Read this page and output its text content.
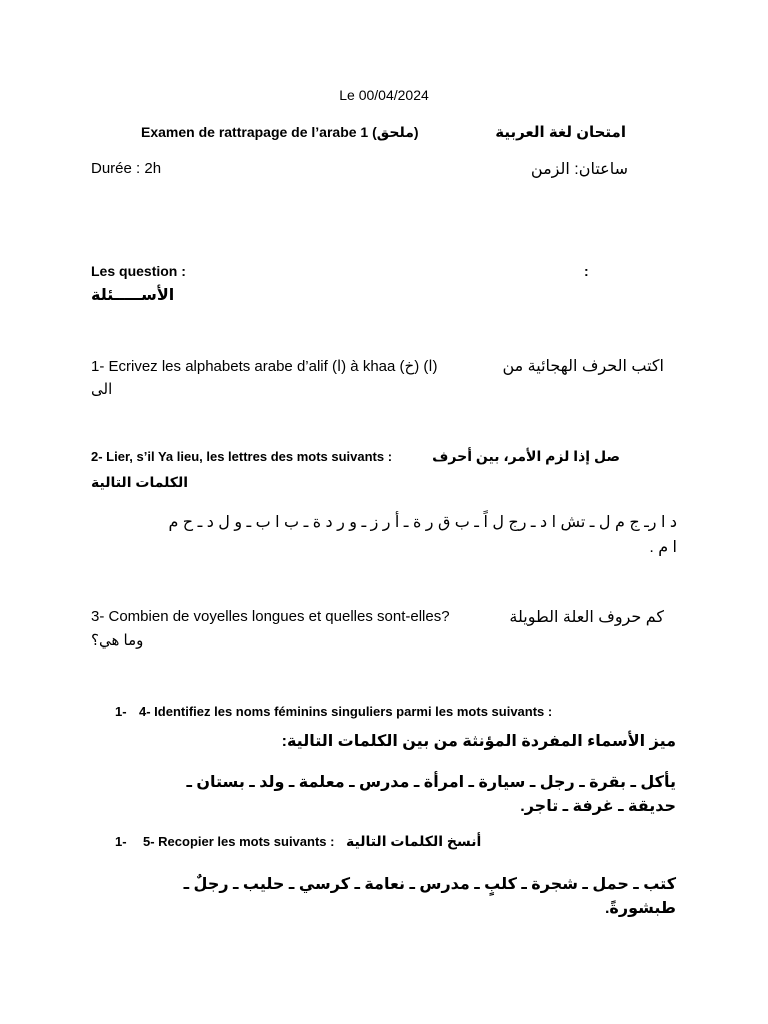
Le 00/04/2024
Examen de rattrapage de l’arabe 1 (ملحق)	امتحان لغة العربية
Durée : 2h	ساعتان: الزمن
Les question :	:
الأســـــئلة
1- Ecrivez les alphabets arabe d’alif (ا) à khaa (خ) (ا)	اكتب الحرف الهجائية من
الى
2- Lier, s’il Ya lieu, les lettres des mots suivants :	صل إذا لزم الأمر، بين أحرف
الكلمات التالية
د ا رـ ج م ل ـ تش ا د ـ رج ل اً ـ ب ق ر ة ـ أ ر ز ـ و ر د ة ـ ب ا ب ـ و ل د ـ ح م
ا م .
3- Combien de voyelles longues et quelles sont-elles?	كم حروف العلة الطويلة
وما هي؟
1- 4- Identifiez les noms féminins singuliers parmi les mots suivants :
ميز الأسماء المفردة المؤنثة من بين الكلمات التالية:
يأكل ـ بقرة ـ رجل ـ سيارة ـ امرأة ـ مدرس ـ معلمة ـ ولد ـ بستان ـ
حديقة ـ غرفة ـ تاجر.
1- 5- Recopier les mots suivants : أنسخ الكلمات التالية
كتب ـ حمل ـ شجرة ـ كلبٍ ـ مدرس ـ نعامة ـ كرسي ـ حليب ـ رجلٌ ـ
طبشورةً.
